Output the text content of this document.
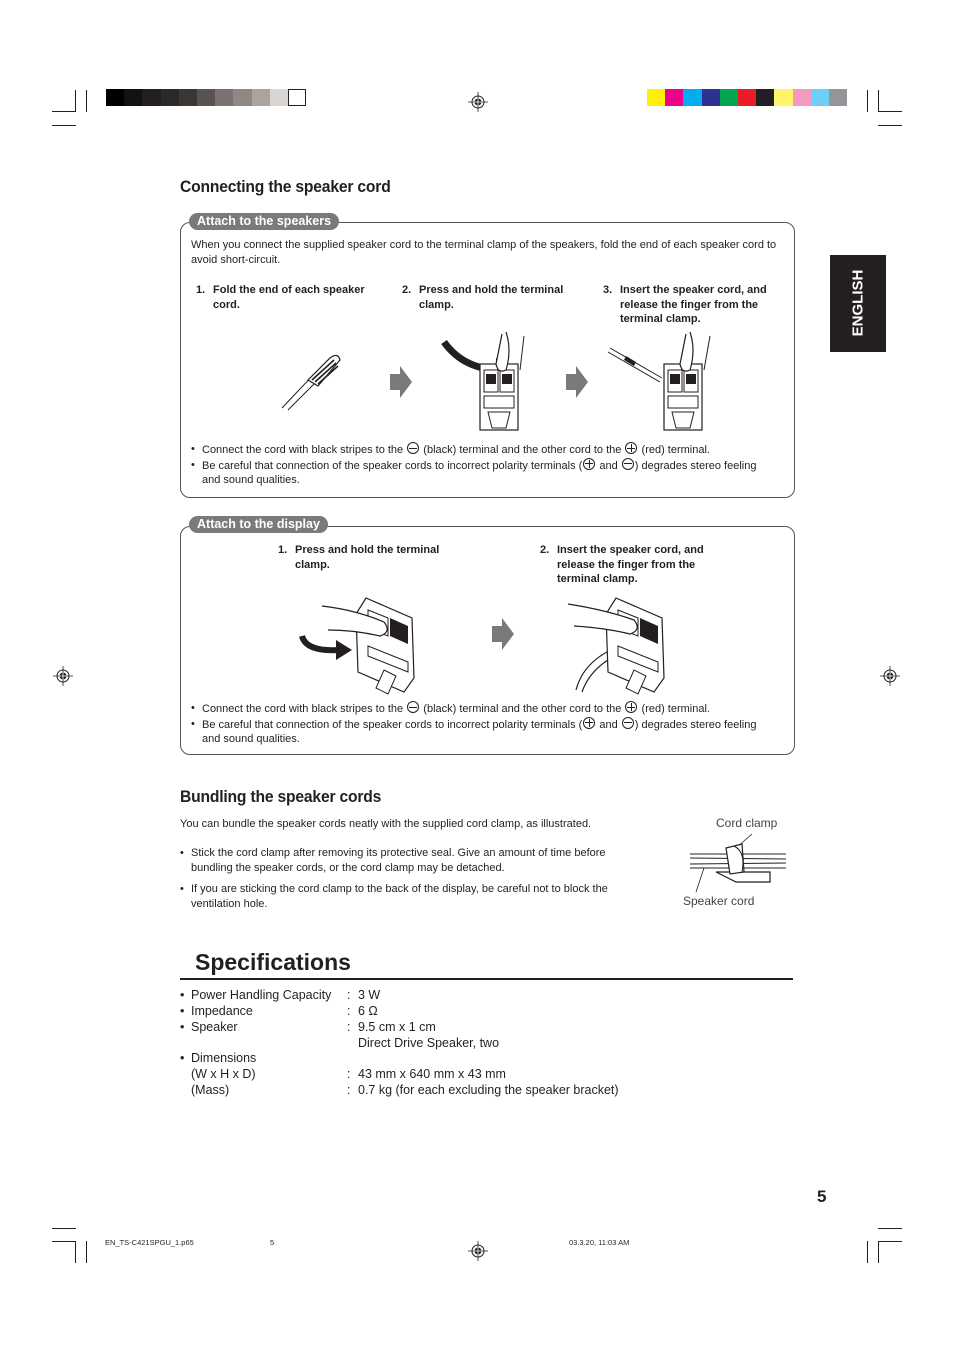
ENGLISH
Connecting the speaker cord
Attach to the speakers
When you connect the supplied speaker cord to the terminal clamp of the speakers, fold the end of each speaker cord to avoid short-circuit.
1. Fold the end of each speaker cord.
2. Press and hold the terminal clamp.
3. Insert the speaker cord, and release the finger from the terminal clamp.
• Connect the cord with black stripes to the (black) terminal and the other cord to the (red) terminal.
• Be careful that connection of the speaker cords to incorrect polarity terminals ( and ) degrades stereo feeling and sound qualities.
Attach to the display
1. Press and hold the terminal clamp.
2. Insert the speaker cord, and release the finger from the terminal clamp.
• Connect the cord with black stripes to the (black) terminal and the other cord to the (red) terminal.
• Be careful that connection of the speaker cords to incorrect polarity terminals ( and ) degrades stereo feeling and sound qualities.
Bundling the speaker cords
You can bundle the speaker cords neatly with the supplied cord clamp, as illustrated.
• Stick the cord clamp after removing its protective seal. Give an amount of time before bundling the speaker cords, or the cord clamp may be detached.
• If you are sticking the cord clamp to the back of the display, be careful not to block the ventilation hole.
Cord clamp
Speaker cord
Specifications
• Power Handling Capacity : 3 W
• Impedance	: 6 Ω
• Speaker	: 9.5 cm x 1 cm
Direct Drive Speaker, two
• Dimensions
(W x H x D)	: 43 mm x 640 mm x 43 mm
(Mass)	: 0.7 kg (for each excluding the speaker bracket)
5
EN_TS-C421SPGU_1.p65	5	03.3.20, 11:03 AM
